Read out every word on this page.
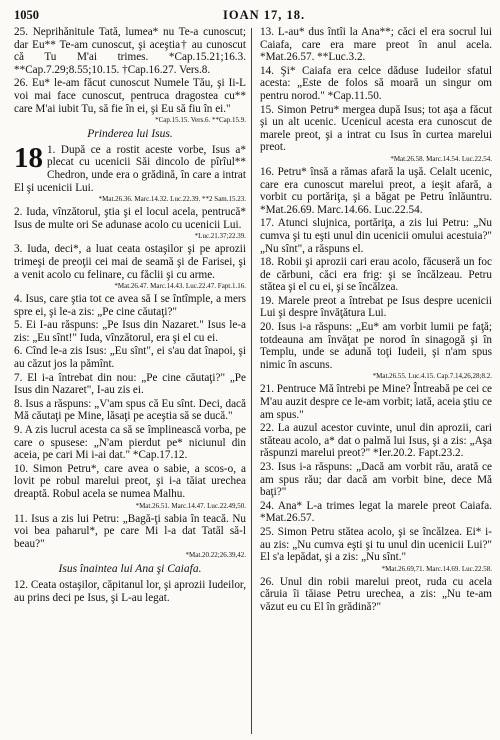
1050	IOAN 17, 18.
25. Neprihănitule Tată, lumea* nu Te-a cunoscut; dar Eu** Te-am cunoscut, şi aceştia† au cunoscut că Tu M'ai trimes. *Cap.15.21;16.3. **Cap.7.29;8.55;10.15. †Cap.16.27. Vers.8.
26. Eu* le-am făcut cunoscut Numele Tău, şi Ii-L voi mai face cunoscut, pentruca dragostea cu** care M'ai iubit Tu, să fie în ei, şi Eu să fiu în ei."
*Cap.15.15. Vers.6. **Cap.15.9.
Prinderea lui Isus.
18 1. După ce a rostit aceste vorbe, Isus a* plecat cu ucenicii Săi dincolo de pîrîul** Chedron, unde era o grădină, în care a intrat El şi ucenicii Lui.
*Mat.26.36. Marc.14.32. Luc.22.39. **2 Sam.15.23.
2. Iuda, vînzătorul, ştia şi el locul acela, pentrucă* Isus de multe ori Se adunase acolo cu ucenicii Lui.
*Luc.21.37;22.39.
3. Iuda, deci*, a luat ceata ostaşilor şi pe aprozii trimeşi de preoţii cei mai de seamă şi de Farisei, şi a venit acolo cu felinare, cu făclii şi cu arme.
*Mat.26.47. Marc.14.43. Luc.22.47. Fapt.1.16.
4. Isus, care ştia tot ce avea să I se întîmple, a mers spre ei, şi le-a zis: „Pe cine căutaţi?"
5. Ei I-au răspuns: „Pe Isus din Nazaret." Isus le-a zis: „Eu sînt!" Iuda, vînzătorul, era şi el cu ei.
6. Cînd le-a zis Isus: „Eu sînt", ei s'au dat înapoi, şi au căzut jos la pămînt.
7. El i-a întrebat din nou: „Pe cine căutaţi?" „Pe Isus din Nazaret", I-au zis ei.
8. Isus a răspuns: „V'am spus că Eu sînt. Deci, dacă Mă căutaţi pe Mine, lăsaţi pe aceştia să se ducă."
9. A zis lucrul acesta ca să se împlinească vorba, pe care o spusese: „N'am pierdut pe* niciunul din aceia, pe cari Mi i-ai dat." *Cap.17.12.
10. Simon Petru*, care avea o sabie, a scos-o, a lovit pe robul marelui preot, şi i-a tăiat urechea dreaptă. Robul acela se numea Malhu.
*Mat.26.51. Marc.14.47. Luc.22.49,50.
11. Isus a zis lui Petru: „Bagă-ţi sabia în teacă. Nu voi bea paharul*, pe care Mi l-a dat Tatăl să-l beau?"
*Mat.20.22;26.39,42.
Isus înaintea lui Ana şi Caiafa.
12. Ceata ostaşilor, căpitanul lor, şi aprozii Iudeilor, au prins deci pe Isus, şi L-au legat.
13. L-au* dus întîi la Ana**; căci el era socrul lui Caiafa, care era mare preot în anul acela. *Mat.26.57. **Luc.3.2.
14. Şi* Caiafa era celce dăduse Iudeilor sfatul acesta: „Este de folos să moară un singur om pentru norod." *Cap.11.50.
15. Simon Petru* mergea după Isus; tot aşa a făcut şi un alt ucenic. Ucenicul acesta era cunoscut de marele preot, şi a intrat cu Isus în curtea marelui preot.
*Mat.26.58. Marc.14.54. Luc.22.54.
16. Petru* însă a rămas afară la uşă. Celalt ucenic, care era cunoscut marelui preot, a ieşit afară, a vorbit cu portăriţa, şi a băgat pe Petru înlăuntru. *Mat.26.69. Marc.14.66. Luc.22.54.
17. Atunci slujnica, portăriţa, a zis lui Petru: „Nu cumva şi tu eşti unul din ucenicii omului acestuia?" „Nu sînt", a răspuns el.
18. Robii şi aprozii cari erau acolo, făcuseră un foc de cărbuni, căci era frig: şi se încălzeau. Petru stătea şi el cu ei, şi se încălzea.
19. Marele preot a întrebat pe Isus despre ucenicii Lui şi despre învăţătura Lui.
20. Isus i-a răspuns: „Eu* am vorbit lumii pe faţă; totdeauna am învăţat pe norod în sinagogă şi în Templu, unde se adună toţi Iudeii, şi n'am spus nimic în ascuns.
*Mat.26.55. Luc.4.15. Cap.7.14,26,28;8.2.
21. Pentruce Mă întrebi pe Mine? Întreabă pe cei ce M'au auzit despre ce le-am vorbit; iată, aceia ştiu ce am spus."
22. La auzul acestor cuvinte, unul din aprozii, cari stăteau acolo, a* dat o palmă lui Isus, şi a zis: „Aşa răspunzi marelui preot?" *Ier.20.2. Fapt.23.2.
23. Isus i-a răspuns: „Dacă am vorbit rău, arată ce am spus rău; dar dacă am vorbit bine, dece Mă baţi?"
24. Ana* L-a trimes legat la marele preot Caiafa. *Mat.26.57.
25. Simon Petru stătea acolo, şi se încălzea. Ei* i-au zis: „Nu cumva eşti şi tu unul din ucenicii Lui?" El s'a lepădat, şi a zis: „Nu sînt."
*Mat.26.69,71. Marc.14.69. Luc.22.58.
26. Unul din robii marelui preot, ruda cu acela căruia îi tăiase Petru urechea, a zis: „Nu te-am văzut eu cu El în grădină?"
